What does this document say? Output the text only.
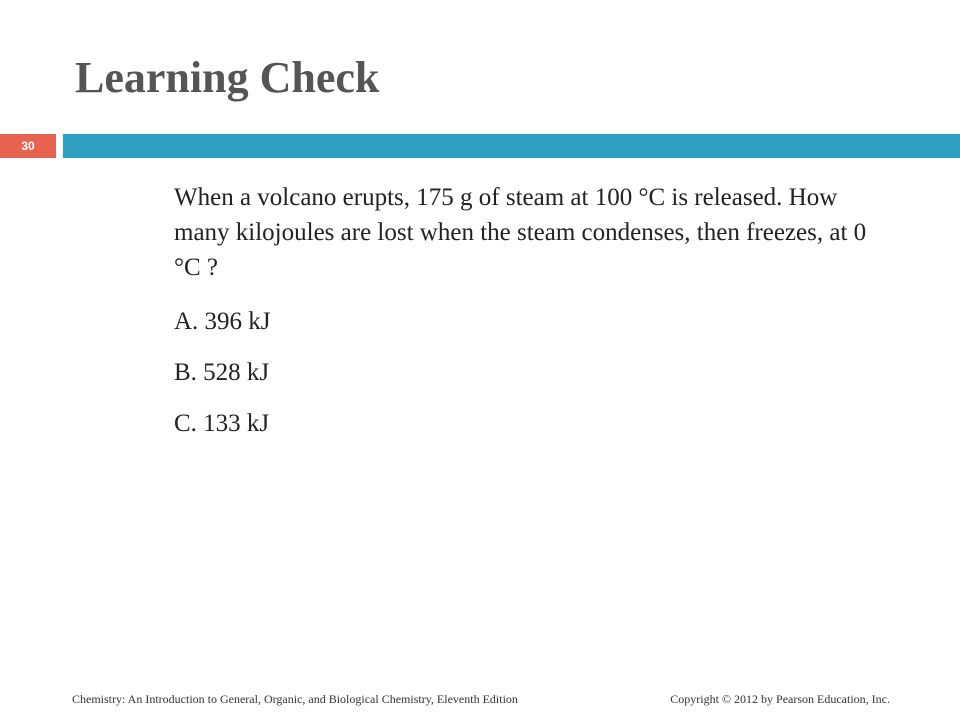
Learning Check
30

When a volcano erupts, 175 g of steam at 100 °C is released. How many kilojoules are lost when the steam condenses, then freezes, at 0 °C ?

A. 396 kJ
B. 528 kJ
C. 133 kJ
Chemistry: An Introduction to General, Organic, and Biological Chemistry, Eleventh Edition	Copyright © 2012 by Pearson Education, Inc.
